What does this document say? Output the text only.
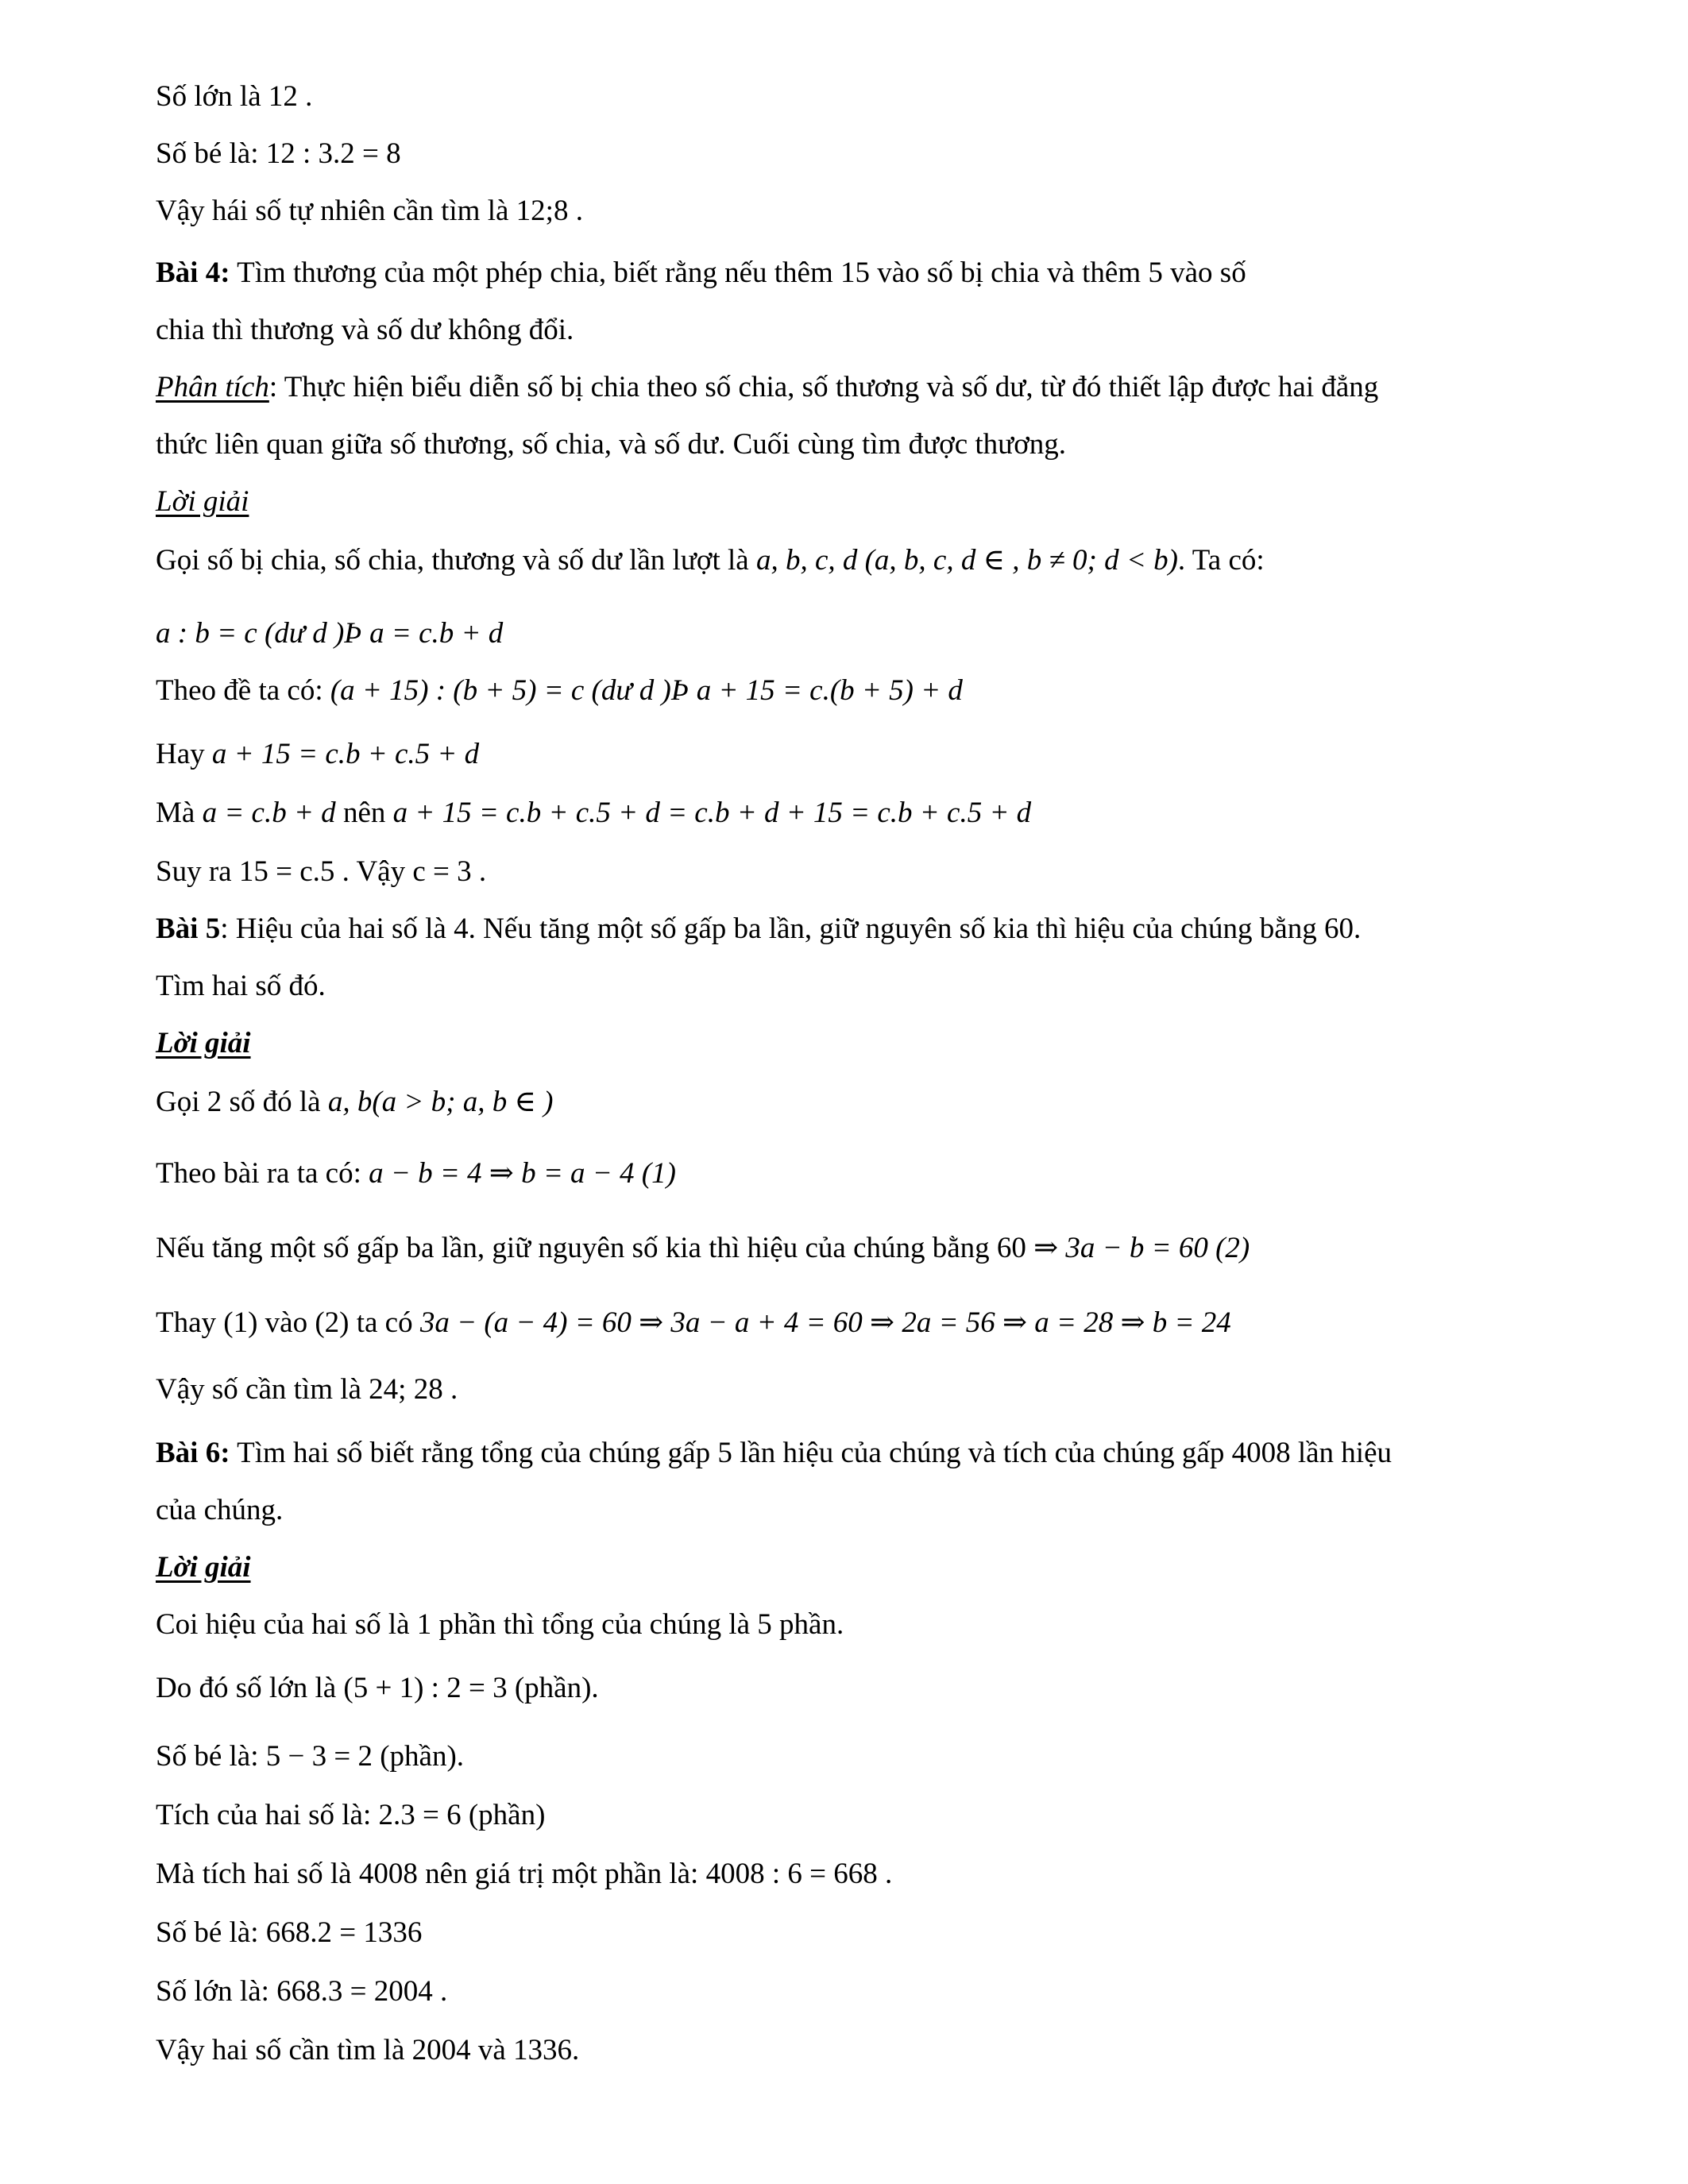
Số lớn là 12 .
Số bé là: 12 : 3.2 = 8
Vậy hái số tự nhiên cần tìm là 12;8 .
Bài 4: Tìm thương của một phép chia, biết rằng nếu thêm 15 vào số bị chia và thêm 5 vào số
chia thì thương và số dư không đổi.
Phân tích: Thực hiện biểu diễn số bị chia theo số chia, số thương và số dư, từ đó thiết lập được hai đẳng
thức liên quan giữa số thương, số chia, và số dư. Cuối cùng tìm được thương.
Lời giải
Gọi số bị chia, số chia, thương và số dư lần lượt là a, b, c, d (a, b, c, d ∈ , b ≠ 0; d < b). Ta có:
a : b = c (dư d )Þ a = c.b + d
Theo đề ta có: (a + 15) : (b + 5) = c (dư d )Þ a + 15 = c.(b + 5) + d
Hay a + 15 = c.b + c.5 + d
Mà a = c.b + d nên a + 15 = c.b + c.5 + d = c.b + d + 15 = c.b + c.5 + d
Suy ra 15 = c.5 . Vậy c = 3 .
Bài 5: Hiệu của hai số là 4. Nếu tăng một số gấp ba lần, giữ nguyên số kia thì hiệu của chúng bằng 60.
Tìm hai số đó.
Lời giải
Gọi 2 số đó là a, b(a > b; a, b ∈ )
Theo bài ra ta có: a − b = 4 ⇒ b = a − 4 (1)
Nếu tăng một số gấp ba lần, giữ nguyên số kia thì hiệu của chúng bằng 60 ⇒ 3a − b = 60 (2)
Thay (1) vào (2) ta có 3a − (a − 4) = 60 ⇒ 3a − a + 4 = 60 ⇒ 2a = 56 ⇒ a = 28 ⇒ b = 24
Vậy số cần tìm là 24; 28 .
Bài 6: Tìm hai số biết rằng tổng của chúng gấp 5 lần hiệu của chúng và tích của chúng gấp 4008 lần hiệu
của chúng.
Lời giải
Coi hiệu của hai số là 1 phần thì tổng của chúng là 5 phần.
Do đó số lớn là (5 + 1) : 2 = 3 (phần).
Số bé là: 5 − 3 = 2 (phần).
Tích của hai số là: 2.3 = 6 (phần)
Mà tích hai số là 4008 nên giá trị một phần là: 4008 : 6 = 668 .
Số bé là: 668.2 = 1336
Số lớn là: 668.3 = 2004 .
Vậy hai số cần tìm là 2004 và 1336.
